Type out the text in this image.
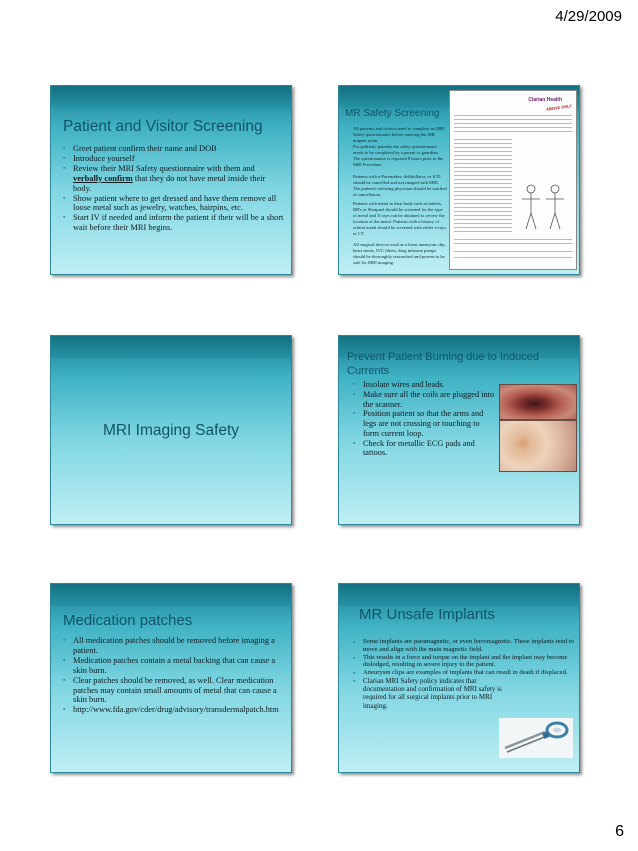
4/29/2009
Patient and Visitor Screening
▪ Greet patient confirm their name and DOB
▪ Introduce yourself
▪ Review their MRI Safety questionnaire with them and
verbally confirm that they do not have metal inside their body.
▪ Show patient where to get dressed and have them remove all loose metal such as jewelry, watches, hairpins, etc.
▪ Start IV if needed and inform the patient if their will be a short wait before their MRI begins.
MR Safety Screening
All patients and visitors need to complete an MRI Safety questionnaire before entering the MR magnet room.
For pediatric patients the safety questionnaire needs to be completed by a parent or guardian. The questionnaire is required 8 hours prior to the MRI Procedure.
Patients with a Pacemaker, defibrillator, or ICD should be cancelled and not imaged with MRI. The patient's referring physician should be notified of cancellation.
Patients with metal in their body such as bullets, BB's or Shrapnel should be screened for the type of metal and X-rays can be obtained to review the location of the metal. Patients with a history of orbital metal should be screened with either x-rays or CT.
All surgical devices such as a heart aneurysm clip, heart stents, IVC filters, drug infusion pumps should be thoroughly researched and proven to be safe for MRI imaging.
Clarian Health
ABOVE ONLY
MRI Imaging Safety
Prevent Patient Burning due to Induced Currents
▪ Insolate wires and leads.
▪ Make sure all the coils are plugged into the scanner.
▪ Position patient so that the arms and legs are not crossing or touching to form current loop.
▪ Check for metallic ECG pads and tattoos.
Medication patches
▪ All medication patches should be removed before imaging a patient.
▪ Medication patches contain a metal backing that can cause a skin burn.
▪ Clear patches should be removed, as well. Clear medication patches may contain small amounts of metal that can cause a skin burn.
▪ http://www.fda.gov/cder/drug/advisory/transdermalpatch.htm
MR Unsafe Implants
▪ Some implants are paramagnetic, or even ferromagnetic. These implants tend to move and align with the main magnetic field.
▪ This results in a force and torque on the implant and the implant may become dislodged, resulting in severe injury to the patient.
▪ Aneurysm clips are examples of implants that can result in death if displaced.
▪ Clarian MRI Safety policy indicates that documentation and confirmation of MRI safety is required for all surgical implants prior to MRI imaging.
6
